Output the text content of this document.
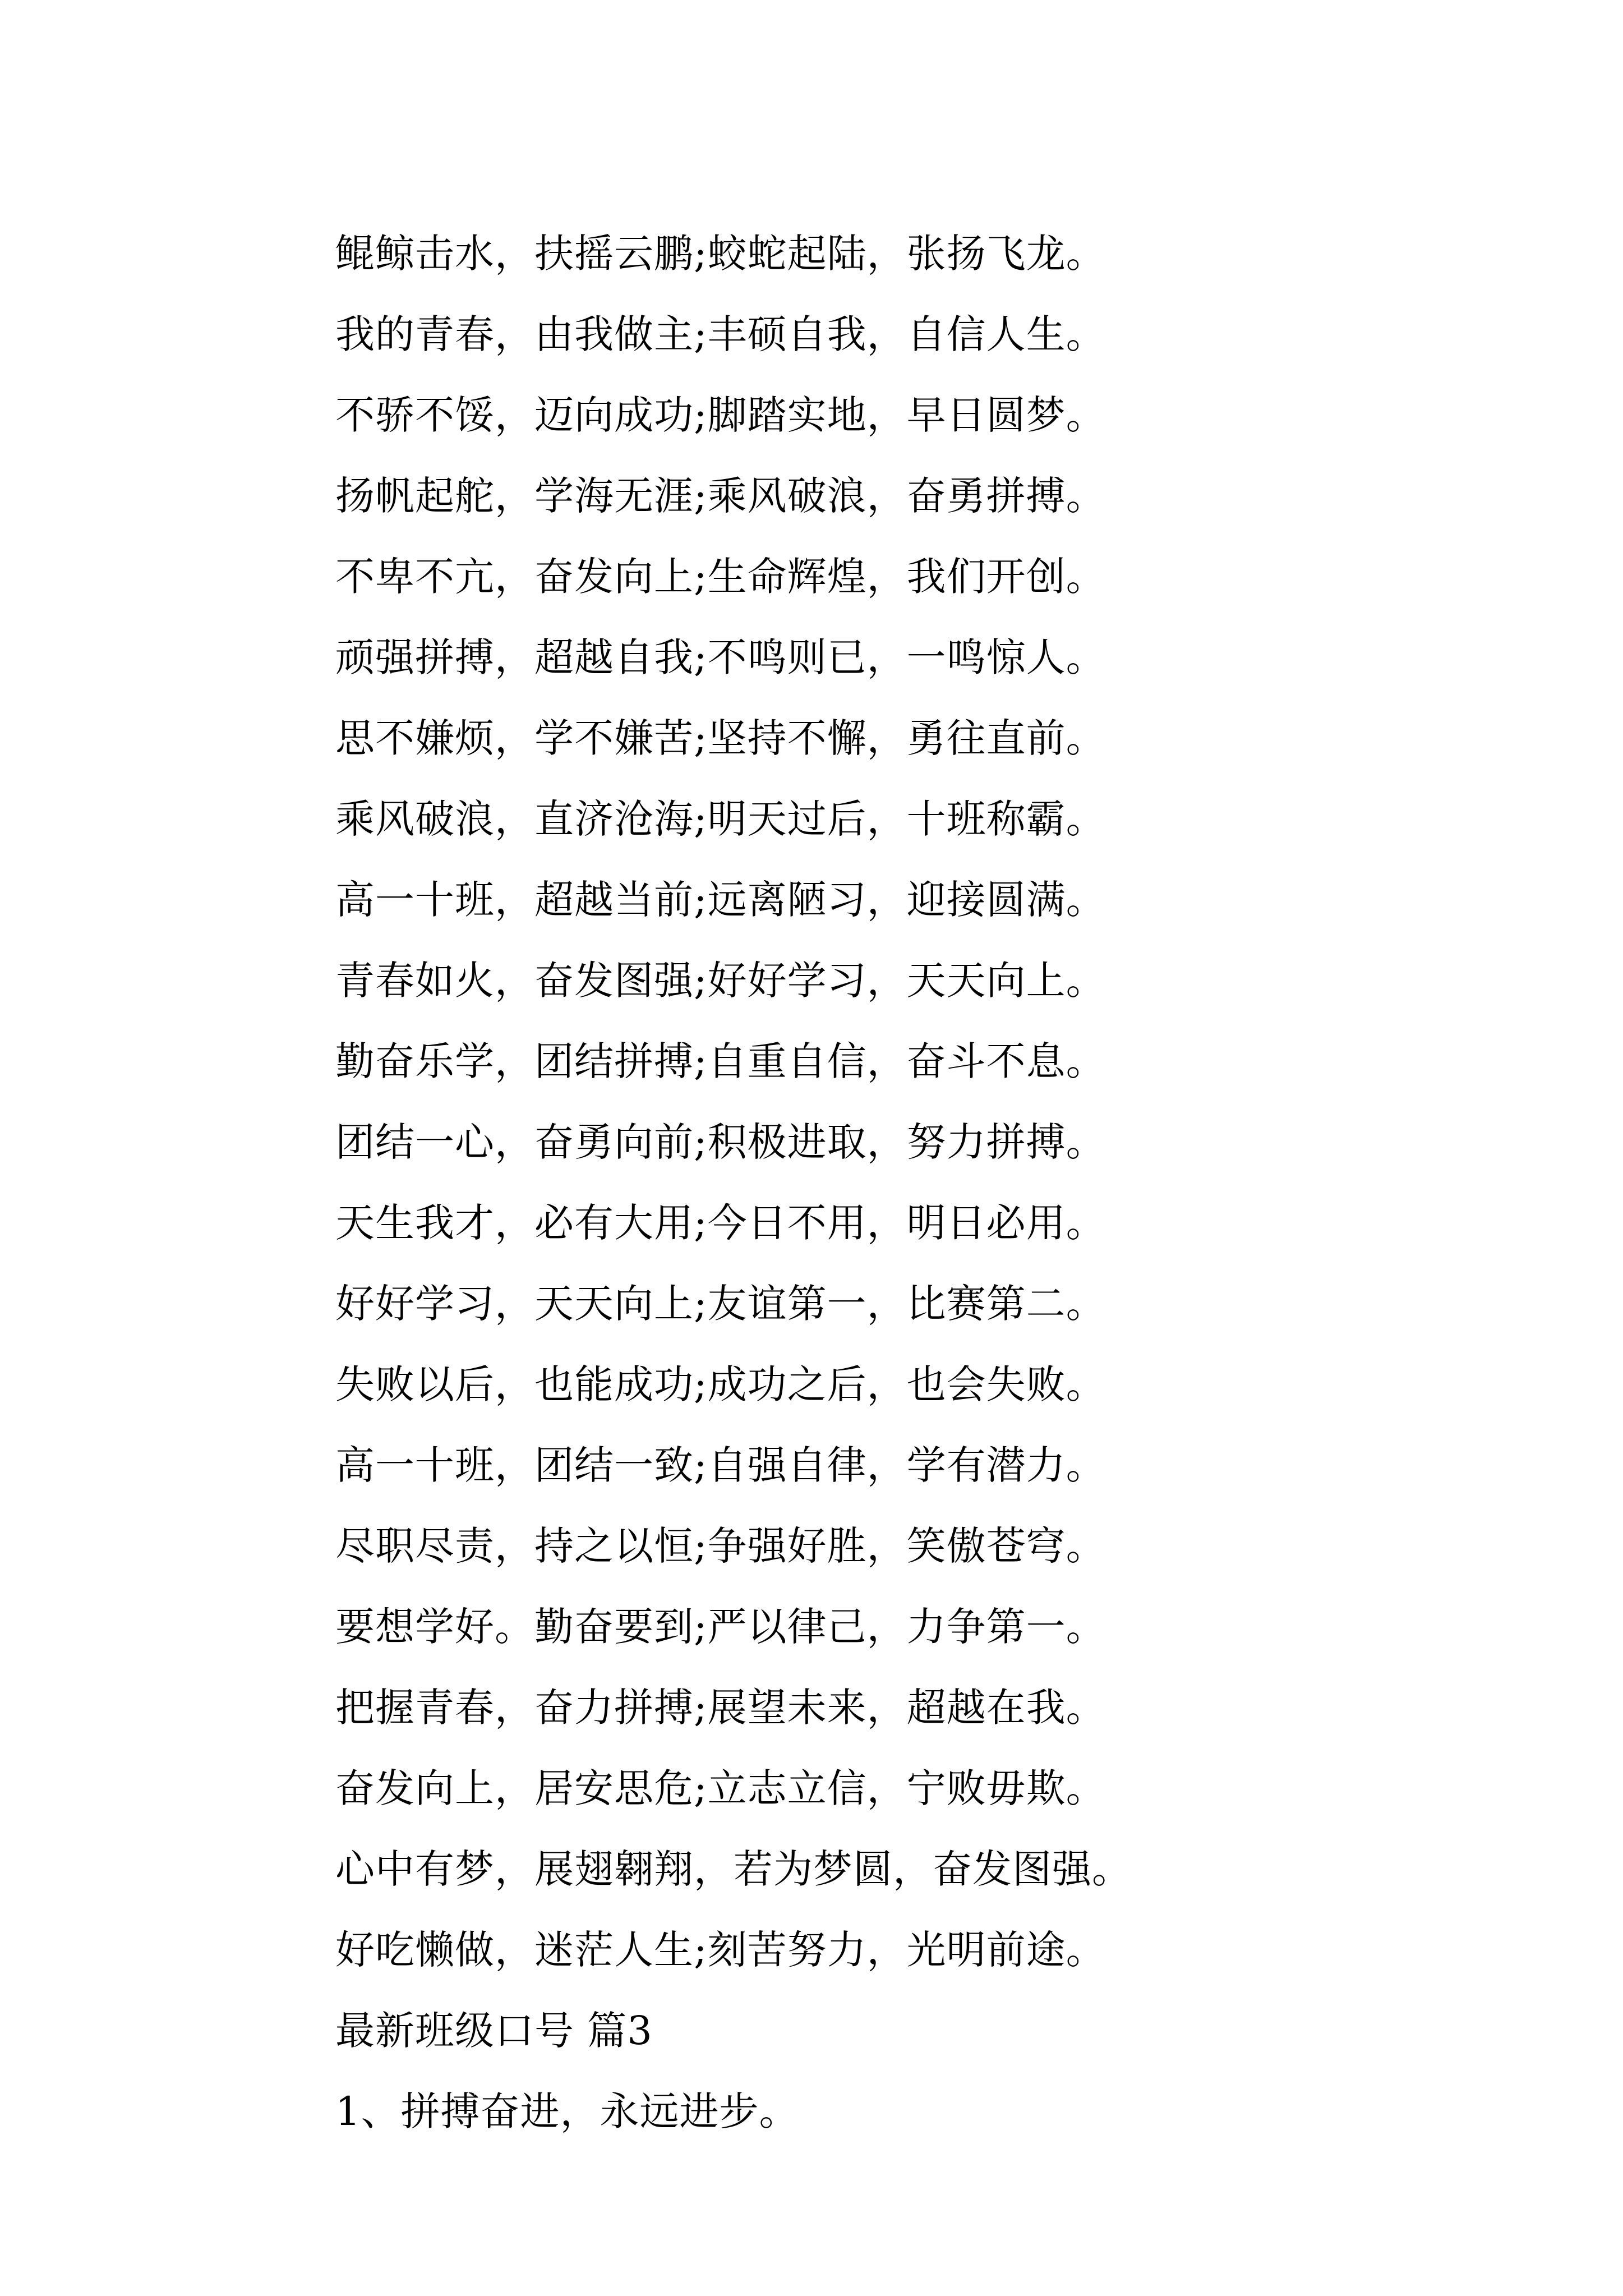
鲲鲸击水，扶摇云鹏;蛟蛇起陆，张扬飞龙。
我的青春，由我做主;丰硕自我，自信人生。
不骄不馁，迈向成功;脚踏实地，早日圆梦。
扬帆起舵，学海无涯;乘风破浪，奋勇拼搏。
不卑不亢，奋发向上;生命辉煌，我们开创。
顽强拼搏，超越自我;不鸣则已，一鸣惊人。
思不嫌烦，学不嫌苦;坚持不懈，勇往直前。
乘风破浪，直济沧海;明天过后，十班称霸。
高一十班，超越当前;远离陋习，迎接圆满。
青春如火，奋发图强;好好学习，天天向上。
勤奋乐学，团结拼搏;自重自信，奋斗不息。
团结一心，奋勇向前;积极进取，努力拼搏。
天生我才，必有大用;今日不用，明日必用。
好好学习，天天向上;友谊第一，比赛第二。
失败以后，也能成功;成功之后，也会失败。
高一十班，团结一致;自强自律，学有潜力。
尽职尽责，持之以恒;争强好胜，笑傲苍穹。
要想学好。勤奋要到;严以律己，力争第一。
把握青春，奋力拼搏;展望未来，超越在我。
奋发向上，居安思危;立志立信，宁败毋欺。
心中有梦，展翅翱翔，若为梦圆，奋发图强。
好吃懒做，迷茫人生;刻苦努力，光明前途。
最新班级口号 篇3
1、拼搏奋进，永远进步。
